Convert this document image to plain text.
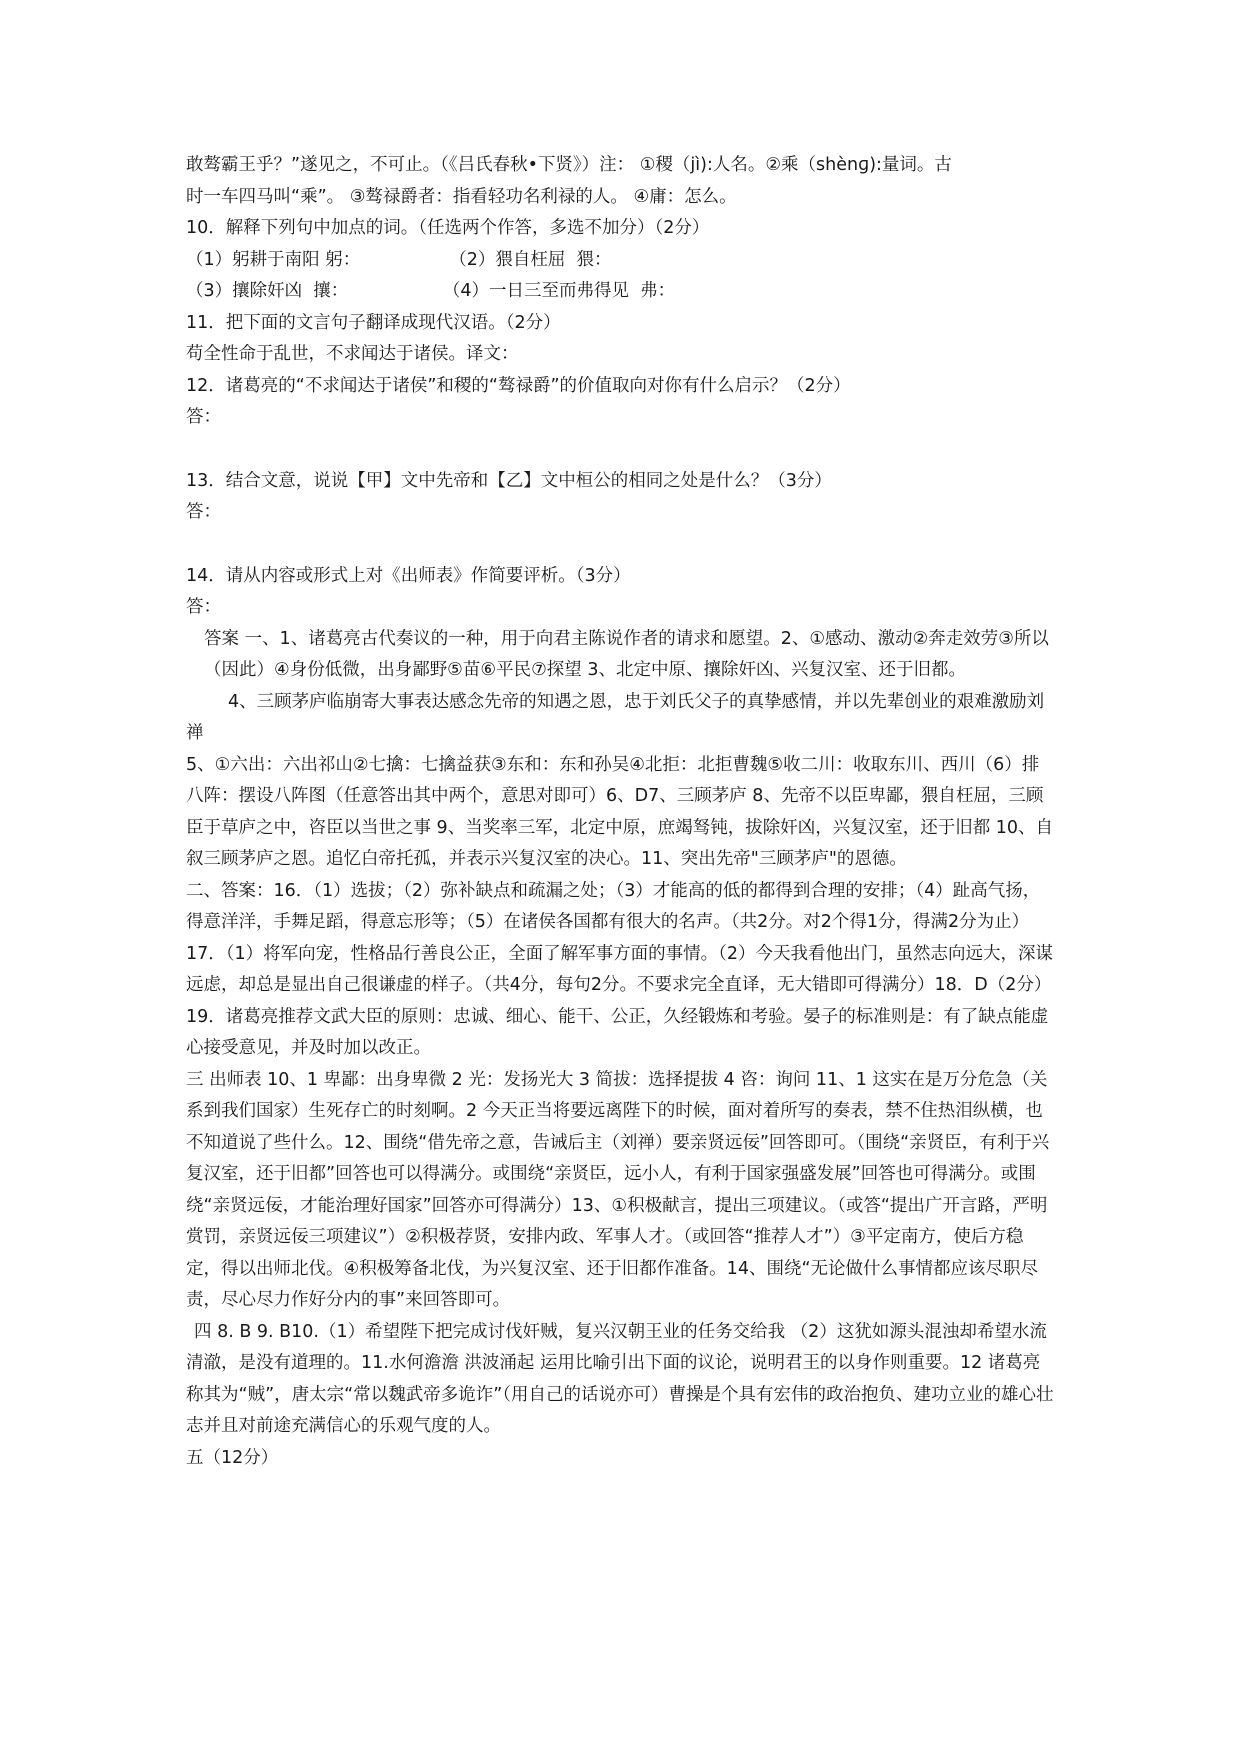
敢骜霸王乎？”遂见之，不可止。（《吕氏春秋•下贤》）注： ①稷（jì):人名。②乘（shènɡ):量词。古

时一车四马叫“乘”。 ③骜禄爵者：指看轻功名利禄的人。 ④庸：怎么。

10．解释下列句中加点的词。（任选两个作答，多选不加分）（2分）

（1）躬耕于南阳 躬：                （2）猥自枉屈  猥：

（3）攘除奸凶  攘：                 （4）一日三至而弗得见  弗：

11．把下面的文言句子翻译成现代汉语。（2分）

苟全性命于乱世，不求闻达于诸侯。译文：

12．诸葛亮的“不求闻达于诸侯”和稷的“骜禄爵”的价值取向对你有什么启示？（2分）

答：

13．结合文意，说说【甲】文中先帝和【乙】文中桓公的相同之处是什么？（3分）

答：

14．请从内容或形式上对《出师表》作简要评析。（3分）

答：

答案 一、1、诸葛亮古代奏议的一种，用于向君主陈说作者的请求和愿望。2、①感动、激动②奔走效劳③所以（因此）④身份低微，出身鄙野⑤苗⑥平民⑦探望 3、北定中原、攘除奸凶、兴复汉室、还于旧都。

4、三顾茅庐临崩寄大事表达感念先帝的知遇之恩，忠于刘氏父子的真挚感情，并以先辈创业的艰难激励刘禅

5、①六出：六出祁山②七擒：七擒益获③东和：东和孙吴④北拒：北拒曹魏⑤收二川：收取东川、西川（6）排八阵：摆设八阵图（任意答出其中两个，意思对即可）6、D7、三顾茅庐 8、先帝不以臣卑鄙，猥自枉屈，三顾臣于草庐之中，咨臣以当世之事 9、当奖率三军，北定中原，庶竭驽钝，拔除奸凶，兴复汉室，还于旧都 10、自叙三顾茅庐之恩。追忆白帝托孤，并表示兴复汉室的决心。11、突出先帝"三顾茅庐"的恩德。

二、答案：16．（1）选拔；（2）弥补缺点和疏漏之处；（3）才能高的低的都得到合理的安排；（4）趾高气扬，得意洋洋，手舞足蹈，得意忘形等；（5）在诸侯各国都有很大的名声。（共2分。对2个得1分，得满2分为止）17．（1）将军向宠，性格品行善良公正，全面了解军事方面的事情。（2）今天我看他出门，虽然志向远大，深谋远虑，却总是显出自己很谦虚的样子。（共4分，每句2分。不要求完全直译，无大错即可得满分）18．D（2分）19．诸葛亮推荐文武大臣的原则：忠诚、细心、能干、公正，久经锻炼和考验。晏子的标准则是：有了缺点能虚心接受意见，并及时加以改正。

三 出师表 10、1 卑鄙：出身卑微 2 光：发扬光大 3 简拔：选择提拔 4 咨：询问 11、1 这实在是万分危急（关系到我们国家）生死存亡的时刻啊。2 今天正当将要远离陛下的时候，面对着所写的奏表，禁不住热泪纵横，也不知道说了些什么。12、围绕“借先帝之意，告诫后主（刘禅）要亲贤远佞”回答即可。（围绕“亲贤臣，有利于兴复汉室，还于旧都”回答也可以得满分。或围绕“亲贤臣，远小人，有利于国家强盛发展”回答也可得满分。或围绕“亲贤远佞，才能治理好国家”回答亦可得满分）13、①积极献言，提出三项建议。（或答“提出广开言路，严明赏罚，亲贤远佞三项建议”）②积极荐贤，安排内政、军事人才。（或回答“推荐人才”）③平定南方，使后方稳定，得以出师北伐。④积极筹备北伐，为兴复汉室、还于旧都作准备。14、围绕“无论做什么事情都应该尽职尽责，尽心尽力作好分内的事”来回答即可。

四 8. B 9. B10.（1）希望陛下把完成讨伐奸贼，复兴汉朝王业的任务交给我 （2）这犹如源头混浊却希望水流清澈，是没有道理的。11.水何澹澹 洪波涌起 运用比喻引出下面的议论，说明君王的以身作则重要。12 诸葛亮称其为“贼”，唐太宗“常以魏武帝多诡诈”（用自己的话说亦可）曹操是个具有宏伟的政治抱负、建功立业的雄心壮志并且对前途充满信心的乐观气度的人。

五（12分）
